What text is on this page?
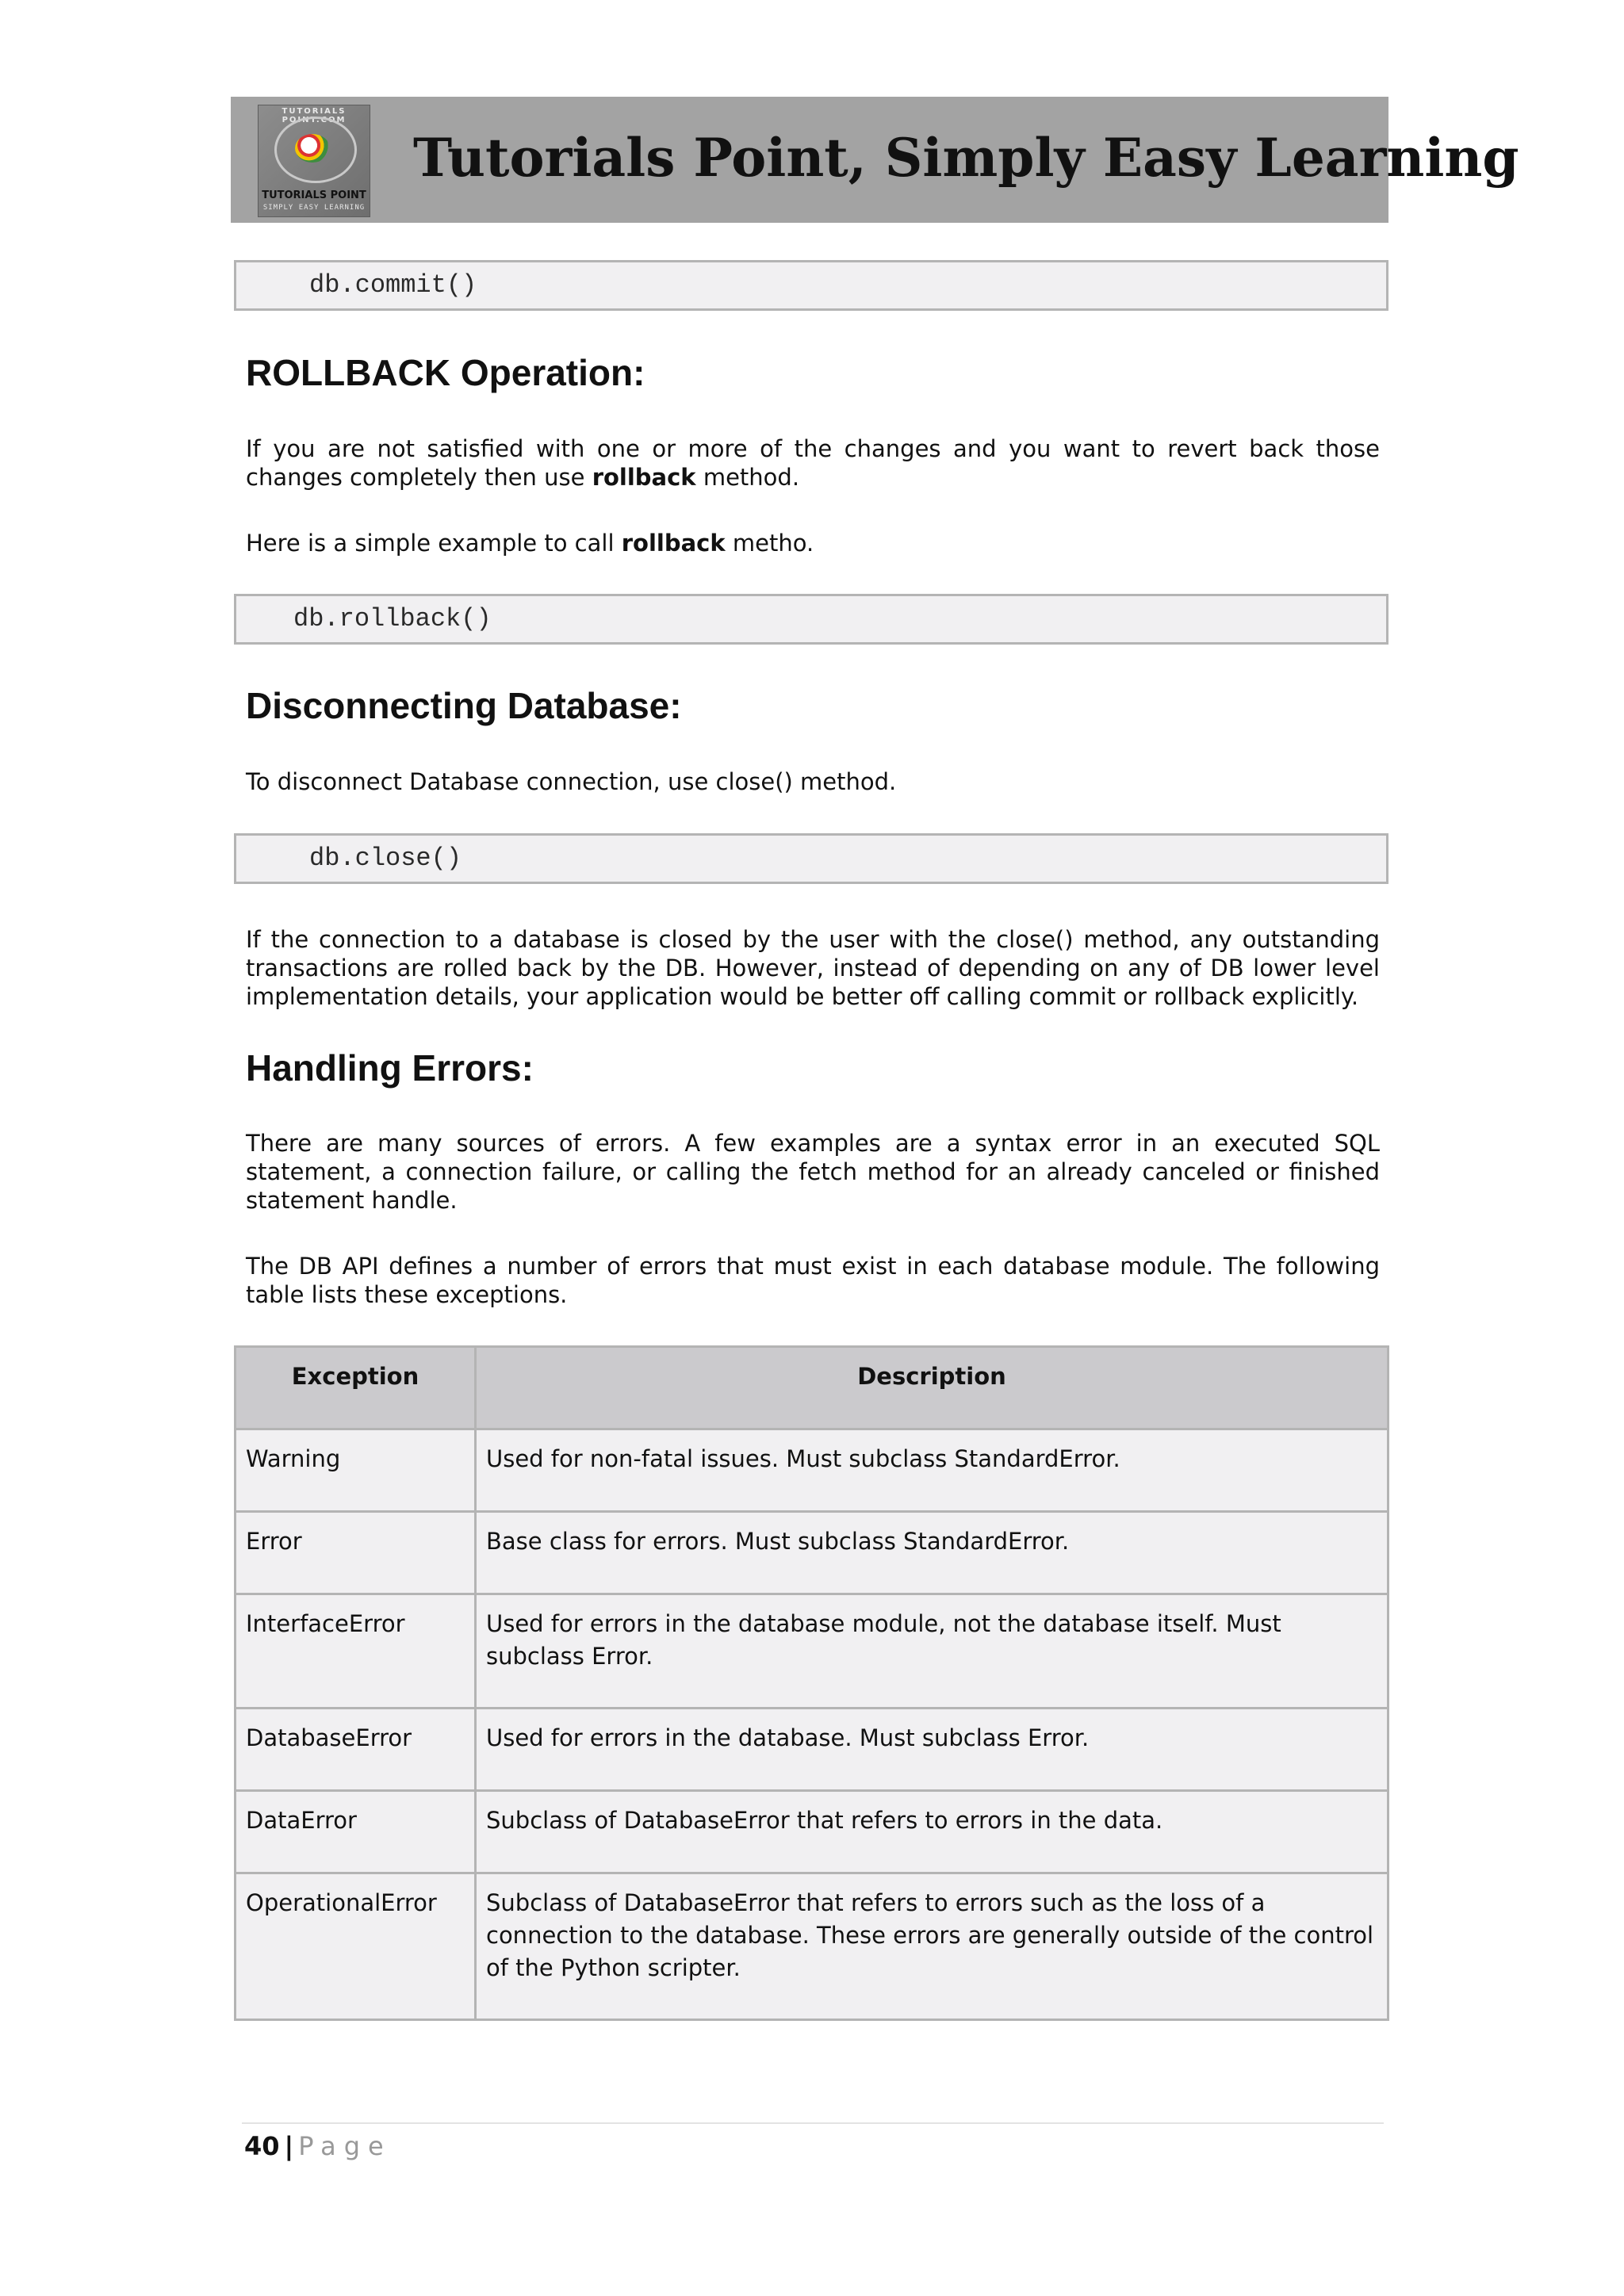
TUTORIALS POINT.COM
TUTORIALS POINT
SIMPLY EASY LEARNING
Tutorials Point, Simply Easy Learning
db.commit()
ROLLBACK Operation:
If you are not satisfied with one or more of the changes and you want to revert back those changes completely then use rollback method.
Here is a simple example to call rollback metho.
db.rollback()
Disconnecting Database:
To disconnect Database connection, use close() method.
db.close()
If the connection to a database is closed by the user with the close() method, any outstanding transactions are rolled back by the DB. However, instead of depending on any of DB lower level implementation details, your application would be better off calling commit or rollback explicitly.
Handling Errors:
There are many sources of errors. A few examples are a syntax error in an executed SQL statement, a connection failure, or calling the fetch method for an already canceled or finished statement handle.
The DB API defines a number of errors that must exist in each database module. The following table lists these exceptions.
Exception	Description
Warning	Used for non-fatal issues. Must subclass StandardError.
Error	Base class for errors. Must subclass StandardError.
InterfaceError	Used for errors in the database module, not the database itself. Must subclass Error.
DatabaseError	Used for errors in the database. Must subclass Error.
DataError	Subclass of DatabaseError that refers to errors in the data.
OperationalError	Subclass of DatabaseError that refers to errors such as the loss of a connection to the database. These errors are generally outside of the control of the Python scripter.
40 | Page
